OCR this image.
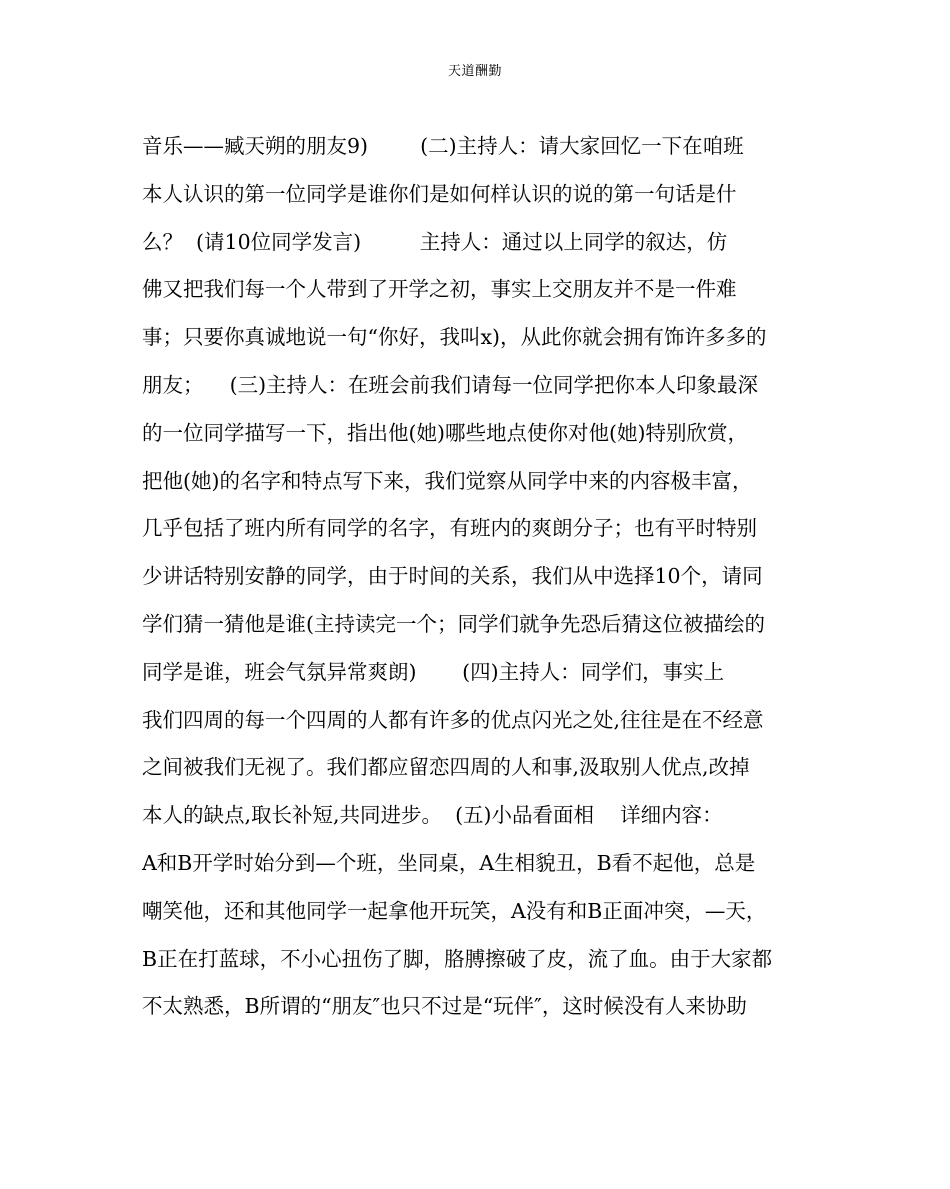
天道酬勤
音乐——臧天朔的朋友9)        (二)主持人：请大家回忆一下在咱班
本人认识的第一位同学是谁你们是如何样认识的说的第一句话是什
么？  (请10位同学发言)         主持人：通过以上同学的叙达，仿
佛又把我们每一个人带到了开学之初，事实上交朋友并不是一件难
事；只要你真诚地说一句“你好，我叫x)，从此你就会拥有饰许多多的
朋友；    (三)主持人：在班会前我们请每一位同学把你本人印象最深
的一位同学描写一下，指出他(她)哪些地点使你对他(她)特别欣赏，
把他(她)的名字和特点写下来，我们觉察从同学中来的内容极丰富，
几乎包括了班内所有同学的名字，有班内的爽朗分子；也有平时特别
少讲话特别安静的同学，由于时间的关系，我们从中选择10个，请同
学们猜一猜他是谁(主持读完一个；同学们就争先恐后猜这位被描绘的
同学是谁，班会气氛异常爽朗)       (四)主持人：同学们，事实上
我们四周的每一个四周的人都有许多的优点闪光之处,往往是在不经意
之间被我们无视了。我们都应留恋四周的人和事,汲取别人优点,改掉
本人的缺点,取长补短,共同进步。  (五)小品看面相    详细内容：
A和B开学时始分到—个班，坐同桌，A生相貌丑，B看不起他，总是
嘲笑他，还和其他同学一起拿他开玩笑，A没有和B正面冲突，—天，
B正在打蓝球，不小心扭伤了脚，胳膊擦破了皮，流了血。由于大家都
不太熟悉，B所谓的“朋友″也只不过是“玩伴″，这时候没有人来协助
